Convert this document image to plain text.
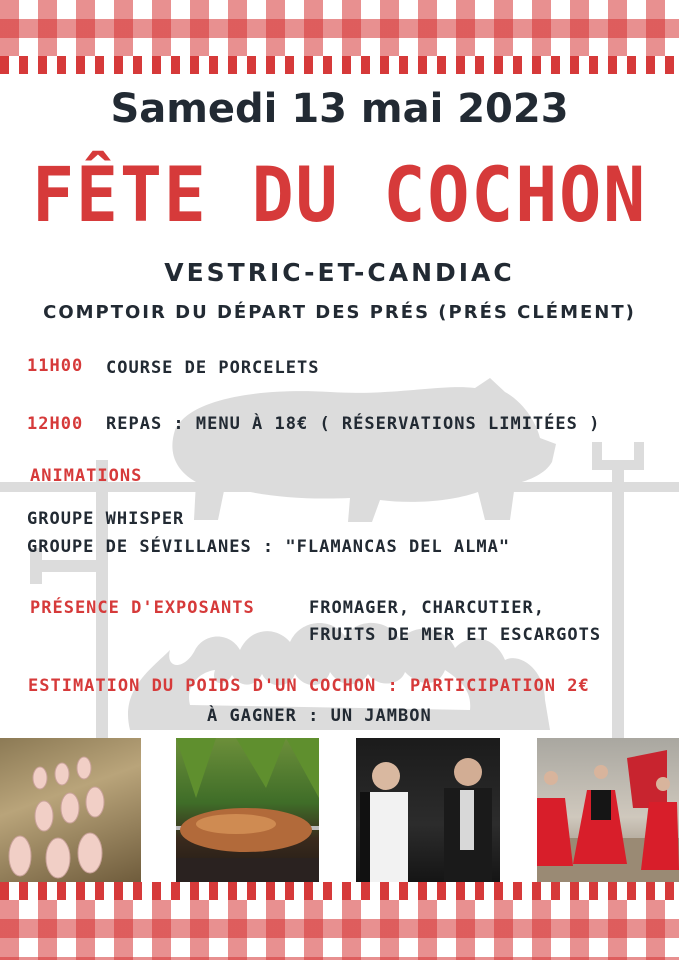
Samedi 13 mai 2023
FÊTE DU COCHON
VESTRIC-ET-CANDIAC
COMPTOIR DU DÉPART DES PRÉS (PRÉS CLÉMENT)
11H00 COURSE DE PORCELETS
12H00 REPAS : MENU À 18€ ( RÉSERVATIONS LIMITÉES )
ANIMATIONS
GROUPE WHISPER
GROUPE DE SÉVILLANES : "FLAMANCAS DEL ALMA"
PRÉSENCE D'EXPOSANTS	FROMAGER, CHARCUTIER,
FRUITS DE MER ET ESCARGOTS
ESTIMATION DU POIDS D'UN COCHON : PARTICIPATION 2€
À GAGNER : UN JAMBON
